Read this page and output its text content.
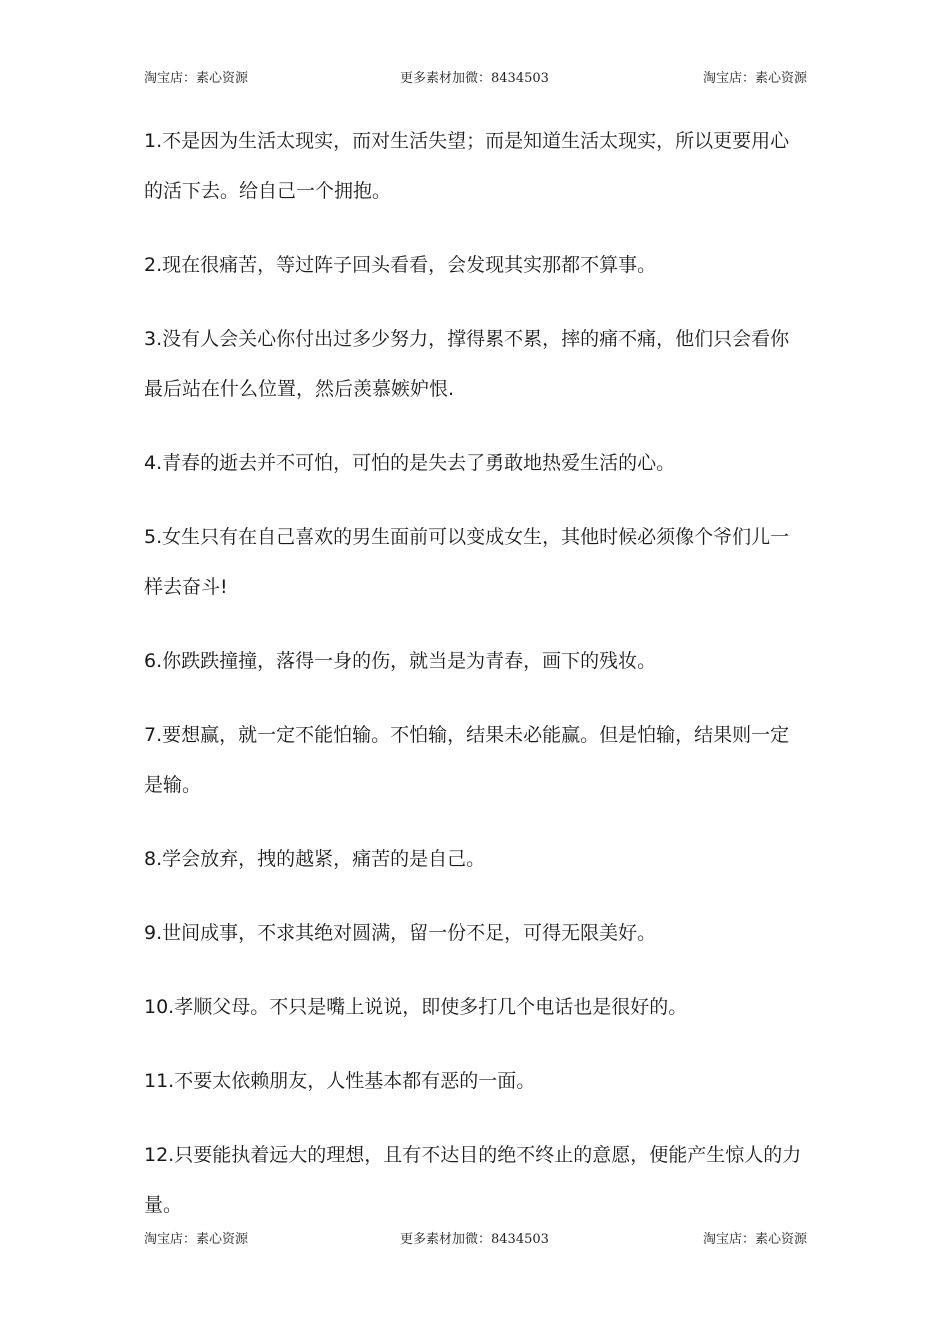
淘宝店：素心资源	更多素材加微：8434503	淘宝店：素心资源

1.不是因为生活太现实，而对生活失望；而是知道生活太现实，所以更要用心的活下去。给自己一个拥抱。

2.现在很痛苦，等过阵子回头看看，会发现其实那都不算事。

3.没有人会关心你付出过多少努力，撑得累不累，摔的痛不痛，他们只会看你最后站在什么位置，然后羡慕嫉妒恨.

4.青春的逝去并不可怕，可怕的是失去了勇敢地热爱生活的心。

5.女生只有在自己喜欢的男生面前可以变成女生，其他时候必须像个爷们儿一样去奋斗!

6.你跌跌撞撞，落得一身的伤，就当是为青春，画下的残妆。

7.要想赢，就一定不能怕输。不怕输，结果未必能赢。但是怕输，结果则一定是输。

8.学会放弃，拽的越紧，痛苦的是自己。

9.世间成事，不求其绝对圆满，留一份不足，可得无限美好。

10.孝顺父母。不只是嘴上说说，即使多打几个电话也是很好的。

11.不要太依赖朋友，人性基本都有恶的一面。

12.只要能执着远大的理想，且有不达目的绝不终止的意愿，便能产生惊人的力量。

淘宝店：素心资源	更多素材加微：8434503	淘宝店：素心资源
